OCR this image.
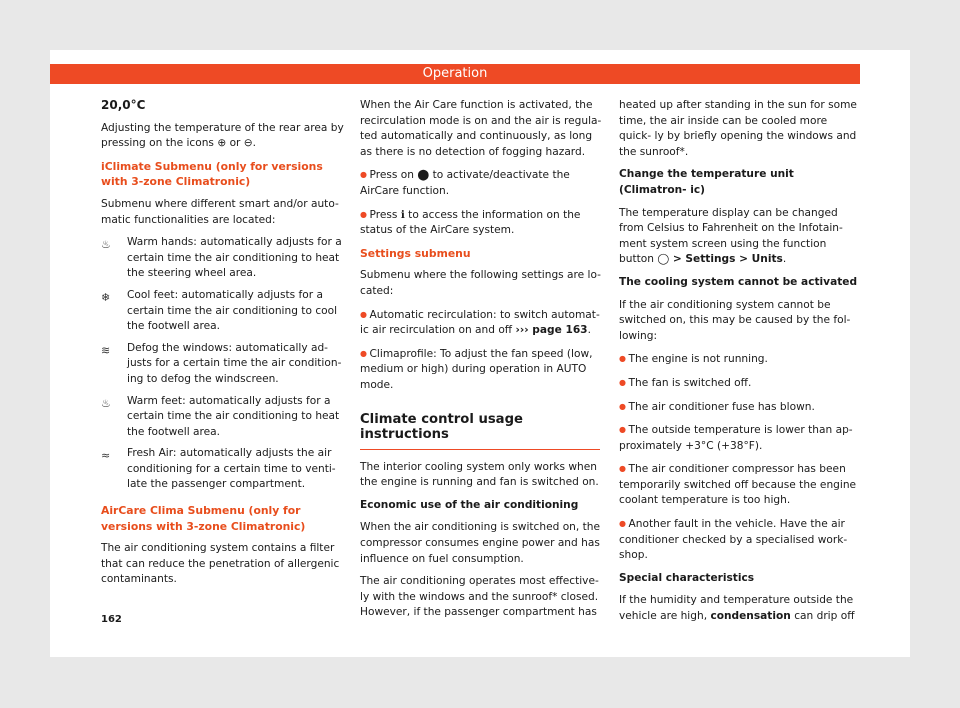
Operation

20,0°C

Adjusting the temperature of the rear area by pressing on the icons ⊕ or ⊖.

iClimate Submenu (only for versions with 3-zone Climatronic)

Submenu where different smart and/or auto- matic functionalities are located:

♨	Warm hands: automatically adjusts for a certain time the air conditioning to heat the steering wheel area.
❄	Cool feet: automatically adjusts for a certain time the air conditioning to cool the footwell area.
≋	Defog the windows: automatically ad- justs for a certain time the air condition- ing to defog the windscreen.
♨	Warm feet: automatically adjusts for a certain time the air conditioning to heat the footwell area.
≈	Fresh Air: automatically adjusts the air conditioning for a certain time to venti- late the passenger compartment.

AirCare Clima Submenu (only for versions with 3-zone Climatronic)

The air conditioning system contains a filter that can reduce the penetration of allergenic contaminants.

When the Air Care function is activated, the recirculation mode is on and the air is regula- ted automatically and continuously, as long as there is no detection of fogging hazard.

● Press on ⬤ to activate/deactivate the AirCare function.

● Press ℹ to access the information on the status of the AirCare system.

Settings submenu

Submenu where the following settings are lo- cated:

● Automatic recirculation: to switch automat- ic air recirculation on and off ››› page 163.

● Climaprofile: To adjust the fan speed (low, medium or high) during operation in AUTO mode.

Climate control usage instructions

The interior cooling system only works when the engine is running and fan is switched on.

Economic use of the air conditioning

When the air conditioning is switched on, the compressor consumes engine power and has influence on fuel consumption.

The air conditioning operates most effective- ly with the windows and the sunroof* closed. However, if the passenger compartment has

heated up after standing in the sun for some time, the air inside can be cooled more quick- ly by briefly opening the windows and the sunroof*.

Change the temperature unit (Climatron- ic)

The temperature display can be changed from Celsius to Fahrenheit on the Infotain- ment system screen using the function button ◯ > Settings > Units.

The cooling system cannot be activated

If the air conditioning system cannot be switched on, this may be caused by the fol- lowing:

● The engine is not running.

● The fan is switched off.

● The air conditioner fuse has blown.

● The outside temperature is lower than ap- proximately +3°C (+38°F).

● The air conditioner compressor has been temporarily switched off because the engine coolant temperature is too high.

● Another fault in the vehicle. Have the air conditioner checked by a specialised work- shop.

Special characteristics

If the humidity and temperature outside the vehicle are high, condensation can drip off

162
